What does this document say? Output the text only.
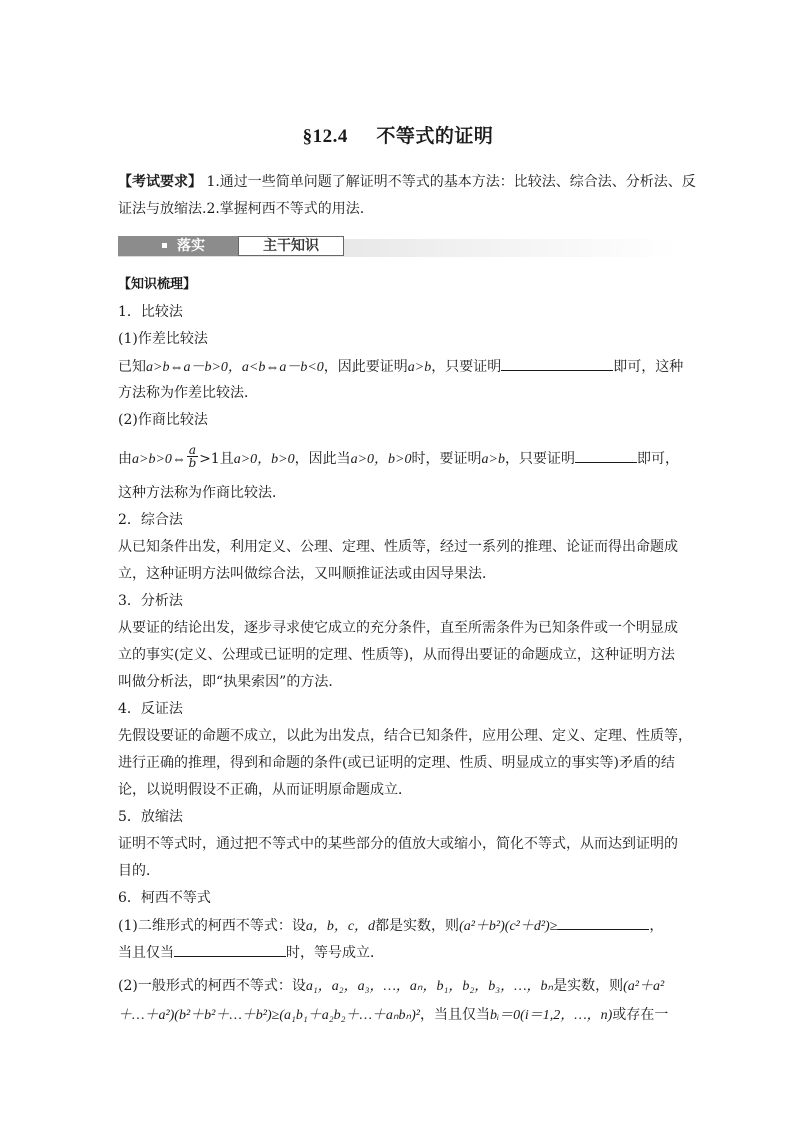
§12.4 不等式的证明
【考试要求】 1.通过一些简单问题了解证明不等式的基本方法：比较法、综合法、分析法、反
证法与放缩法.2.掌握柯西不等式的用法.
落实	主干知识
【知识梳理】
1．比较法
(1)作差比较法
已知a>b⇔a－b>0，a<b⇔a－b<0，因此要证明a>b，只要证明	即可，这种
方法称为作差比较法．
(2)作商比较法
由a>b>0⇔ $\frac{a}{b} >1$且a>0，b>0，因此当a>0，b>0时，要证明a>b，只要证明	即可，
这种方法称为作商比较法．
2．综合法
从已知条件出发，利用定义、公理、定理、性质等，经过一系列的推理、论证而得出命题成
立，这种证明方法叫做综合法，又叫顺推证法或由因导果法．
3．分析法
从要证的结论出发，逐步寻求使它成立的充分条件，直至所需条件为已知条件或一个明显成
立的事实(定义、公理或已证明的定理、性质等)，从而得出要证的命题成立，这种证明方法
叫做分析法，即“执果索因”的方法．
4．反证法
先假设要证的命题不成立，以此为出发点，结合已知条件，应用公理、定义、定理、性质等，
进行正确的推理，得到和命题的条件(或已证明的定理、性质、明显成立的事实等)矛盾的结
论，以说明假设不正确，从而证明原命题成立．
5．放缩法
证明不等式时，通过把不等式中的某些部分的值放大或缩小，简化不等式，从而达到证明的
目的．
6．柯西不等式
(1)二维形式的柯西不等式：设a，b，c，d都是实数，则(a²＋b²)(c²＋d²)≥	，
当且仅当	时，等号成立．
(2)一般形式的柯西不等式：设a₁，a₂，a₃，…，aₙ，b₁，b₂，b₃，…，bₙ是实数，则(a²＋a²
＋…＋a²)(b²＋b²＋…＋b²)≥(a₁b₁＋a₂b₂＋…＋aₙbₙ)²，当且仅当bᵢ＝0(i＝1,2，…，n)或存在一
